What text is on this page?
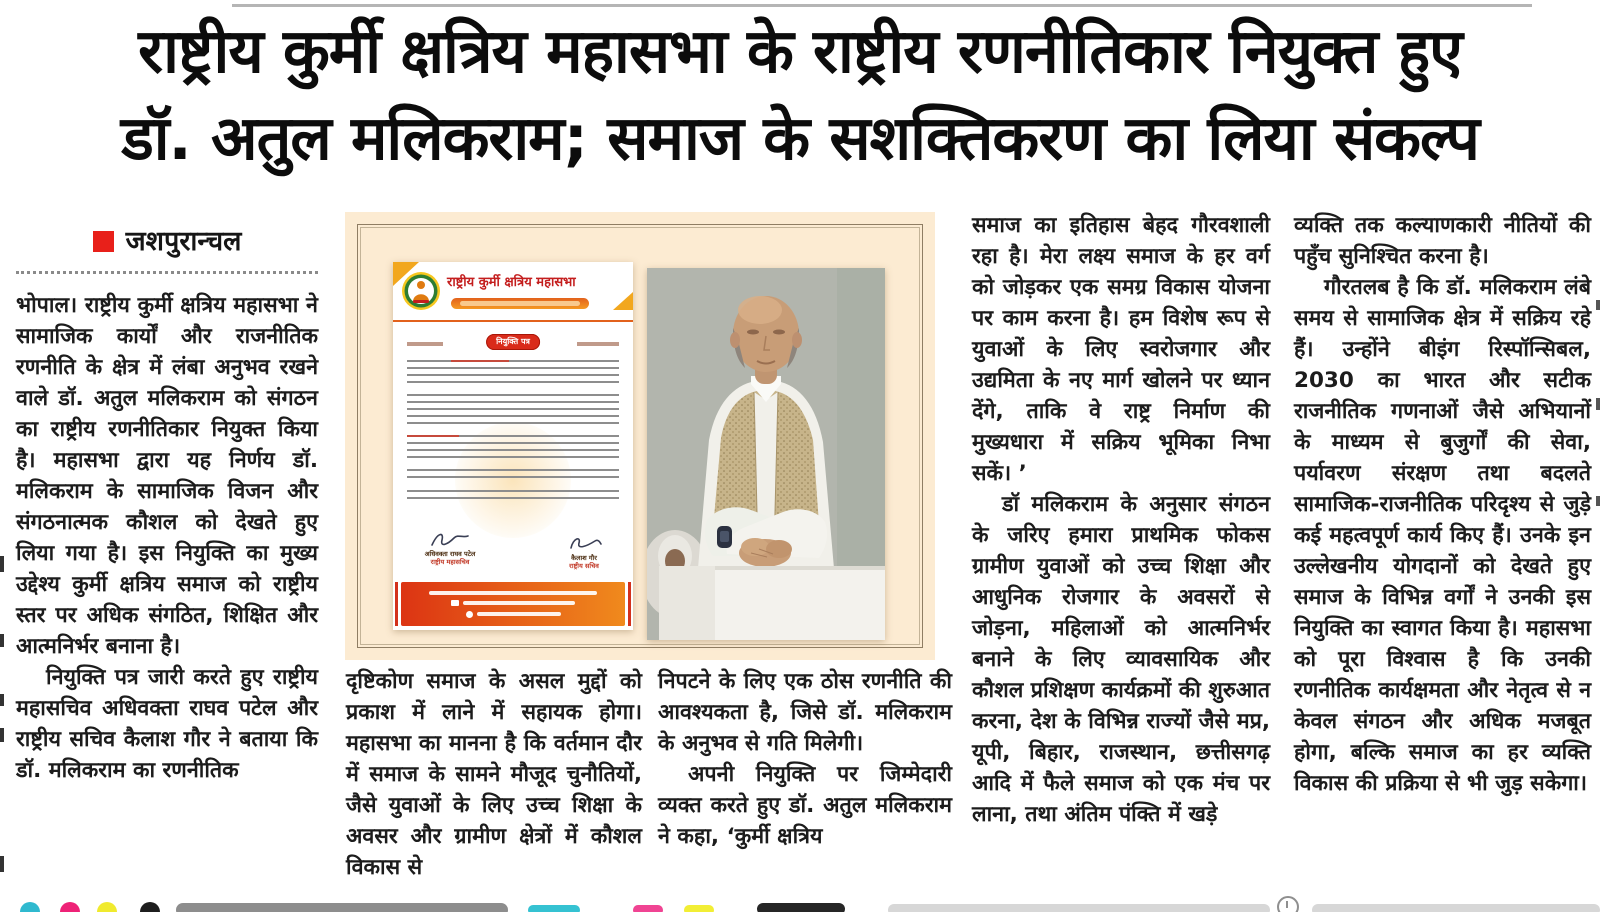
राष्ट्रीय कुर्मी क्षत्रिय महासभा के राष्ट्रीय रणनीतिकार नियुक्त हुए
डॉ. अतुल मलिकराम; समाज के सशक्तिकरण का लिया संकल्प
जशपुरान्चल

भोपाल। राष्ट्रीय कुर्मी क्षत्रिय महासभा ने सामाजिक कार्यों और राजनीतिक रणनीति के क्षेत्र में लंबा अनुभव रखने वाले डॉ. अतुल मलिकराम को संगठन का राष्ट्रीय रणनीतिकार नियुक्त किया है। महासभा द्वारा यह निर्णय डॉ. मलिकराम के सामाजिक विजन और संगठनात्मक कौशल को देखते हुए लिया गया है। इस नियुक्ति का मुख्य उद्देश्य कुर्मी क्षत्रिय समाज को राष्ट्रीय स्तर पर अधिक संगठित, शिक्षित और आत्मनिर्भर बनाना है।

नियुक्ति पत्र जारी करते हुए राष्ट्रीय महासचिव अधिवक्ता राघव पटेल और राष्ट्रीय सचिव कैलाश गौर ने बताया कि डॉ. मलिकराम का रणनीतिक

राष्ट्रीय कुर्मी क्षत्रिय महासभा
नियुक्ति पत्र
अधिवक्ता राघव पटेल
राष्ट्रीय महासचिव	कैलाश गौर
राष्ट्रीय सचिव

दृष्टिकोण समाज के असल मुद्दों को प्रकाश में लाने में सहायक होगा। महासभा का मानना है कि वर्तमान दौर में समाज के सामने मौजूद चुनौतियों, जैसे युवाओं के लिए उच्च शिक्षा के अवसर और ग्रामीण क्षेत्रों में कौशल विकास से

निपटने के लिए एक ठोस रणनीति की आवश्यकता है, जिसे डॉ. मलिकराम के अनुभव से गति मिलेगी।

अपनी नियुक्ति पर जिम्मेदारी व्यक्त करते हुए डॉ. अतुल मलिकराम ने कहा, ‘कुर्मी क्षत्रिय

समाज का इतिहास बेहद गौरवशाली रहा है। मेरा लक्ष्य समाज के हर वर्ग को जोड़कर एक समग्र विकास योजना पर काम करना है। हम विशेष रूप से युवाओं के लिए स्वरोजगार और उद्यमिता के नए मार्ग खोलने पर ध्यान देंगे, ताकि वे राष्ट्र निर्माण की मुख्यधारा में सक्रिय भूमिका निभा सकें। ’

डॉ मलिकराम के अनुसार संगठन के जरिए हमारा प्राथमिक फोकस ग्रामीण युवाओं को उच्च शिक्षा और आधुनिक रोजगार के अवसरों से जोड़ना, महिलाओं को आत्मनिर्भर बनाने के लिए व्यावसायिक और कौशल प्रशिक्षण कार्यक्रमों की शुरुआत करना, देश के विभिन्न राज्यों जैसे मप्र, यूपी, बिहार, राजस्थान, छत्तीसगढ़ आदि में फैले समाज को एक मंच पर लाना, तथा अंतिम पंक्ति में खड़े

व्यक्ति तक कल्याणकारी नीतियों की पहुँच सुनिश्चित करना है।

गौरतलब है कि डॉ. मलिकराम लंबे समय से सामाजिक क्षेत्र में सक्रिय रहे हैं। उन्होंने बीइंग रिस्पॉन्सिबल, 2030 का भारत और सटीक राजनीतिक गणनाओं जैसे अभियानों के माध्यम से बुजुर्गों की सेवा, पर्यावरण संरक्षण तथा बदलते सामाजिक-राजनीतिक परिदृश्य से जुड़े कई महत्वपूर्ण कार्य किए हैं। उनके इन उल्लेखनीय योगदानों को देखते हुए समाज के विभिन्न वर्गों ने उनकी इस नियुक्ति का स्वागत किया है। महासभा को पूरा विश्वास है कि उनकी रणनीतिक कार्यक्षमता और नेतृत्व से न केवल संगठन और अधिक मजबूत होगा, बल्कि समाज का हर व्यक्ति विकास की प्रक्रिया से भी जुड़ सकेगा।
